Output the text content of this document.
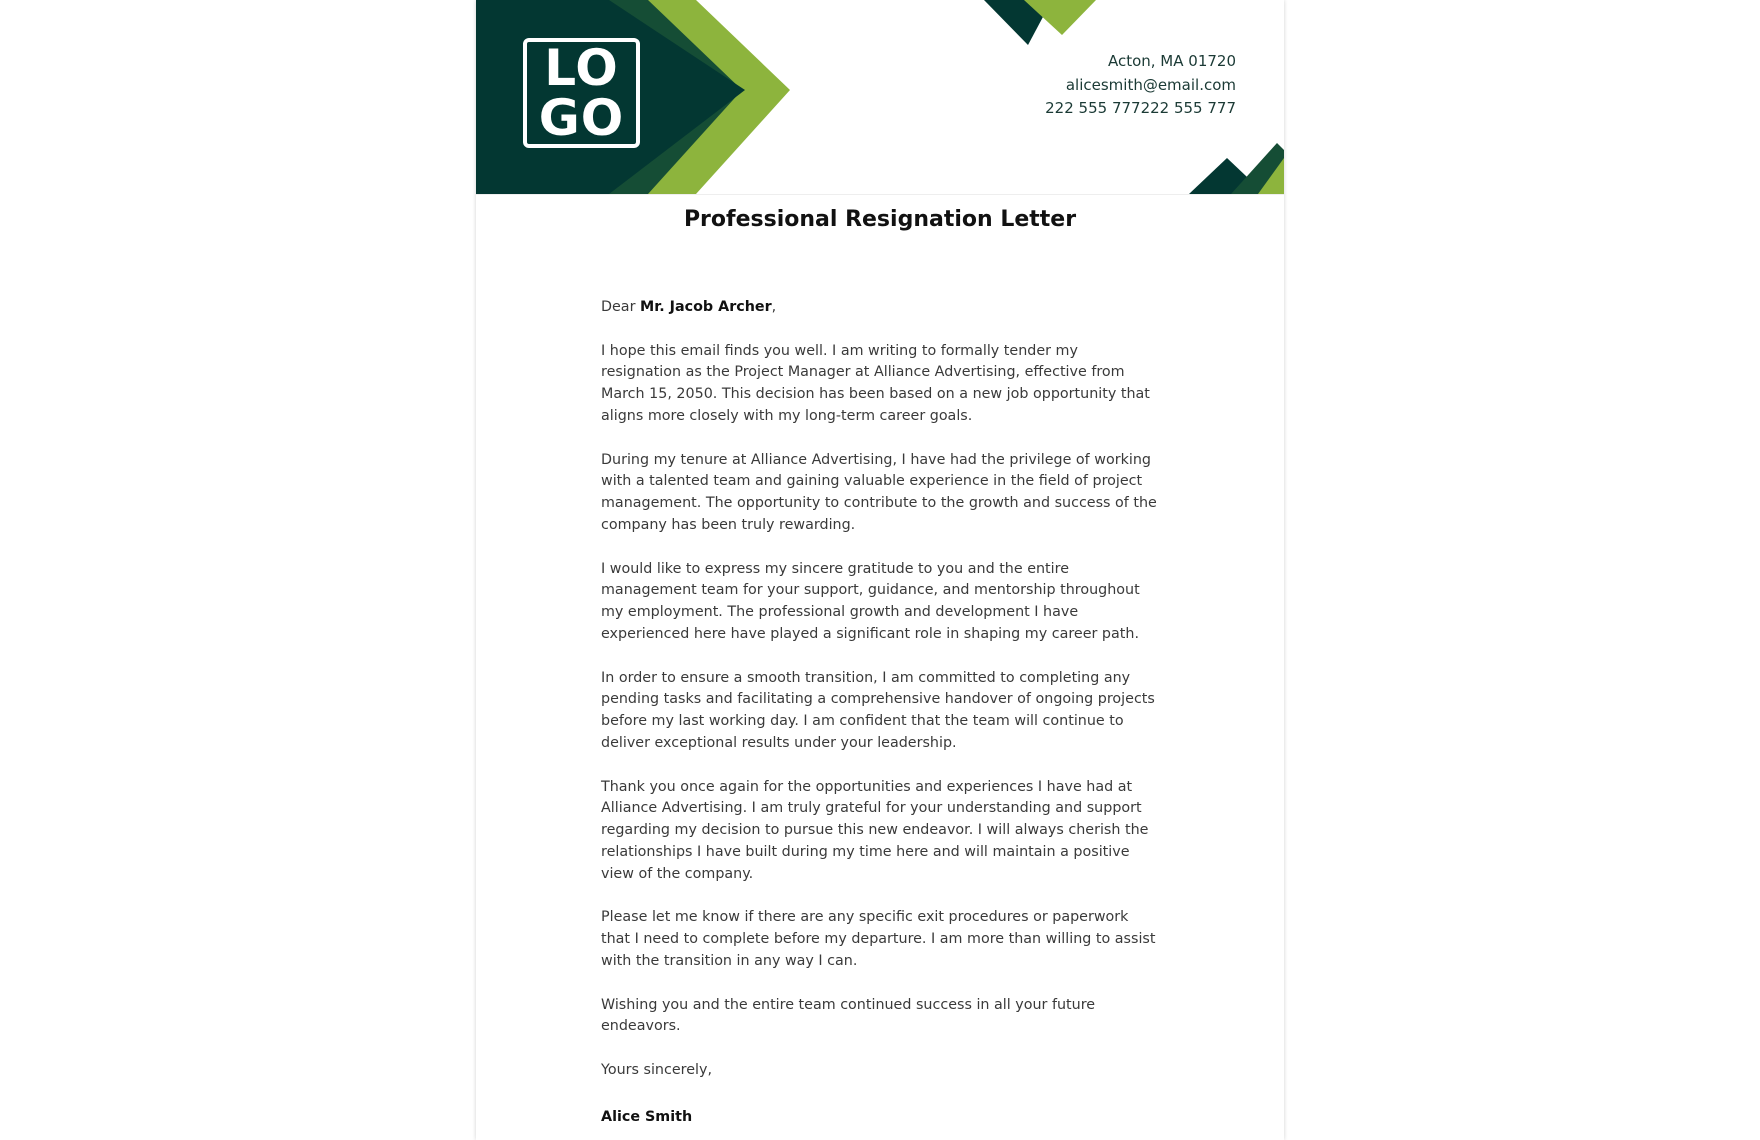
LO
GO
Acton, MA 01720
alicesmith@email.com
222 555 777222 555 777
Professional Resignation Letter

Dear Mr. Jacob Archer,

I hope this email finds you well. I am writing to formally tender my resignation as the Project Manager at Alliance Advertising, effective from March 15, 2050. This decision has been based on a new job opportunity that aligns more closely with my long-term career goals.

During my tenure at Alliance Advertising, I have had the privilege of working with a talented team and gaining valuable experience in the field of project management. The opportunity to contribute to the growth and success of the company has been truly rewarding.

I would like to express my sincere gratitude to you and the entire management team for your support, guidance, and mentorship throughout my employment. The professional growth and development I have experienced here have played a significant role in shaping my career path.

In order to ensure a smooth transition, I am committed to completing any pending tasks and facilitating a comprehensive handover of ongoing projects before my last working day. I am confident that the team will continue to deliver exceptional results under your leadership.

Thank you once again for the opportunities and experiences I have had at Alliance Advertising. I am truly grateful for your understanding and support regarding my decision to pursue this new endeavor. I will always cherish the relationships I have built during my time here and will maintain a positive view of the company.

Please let me know if there are any specific exit procedures or paperwork that I need to complete before my departure. I am more than willing to assist with the transition in any way I can.

Wishing you and the entire team continued success in all your future endeavors.

Yours sincerely,

Alice Smith
